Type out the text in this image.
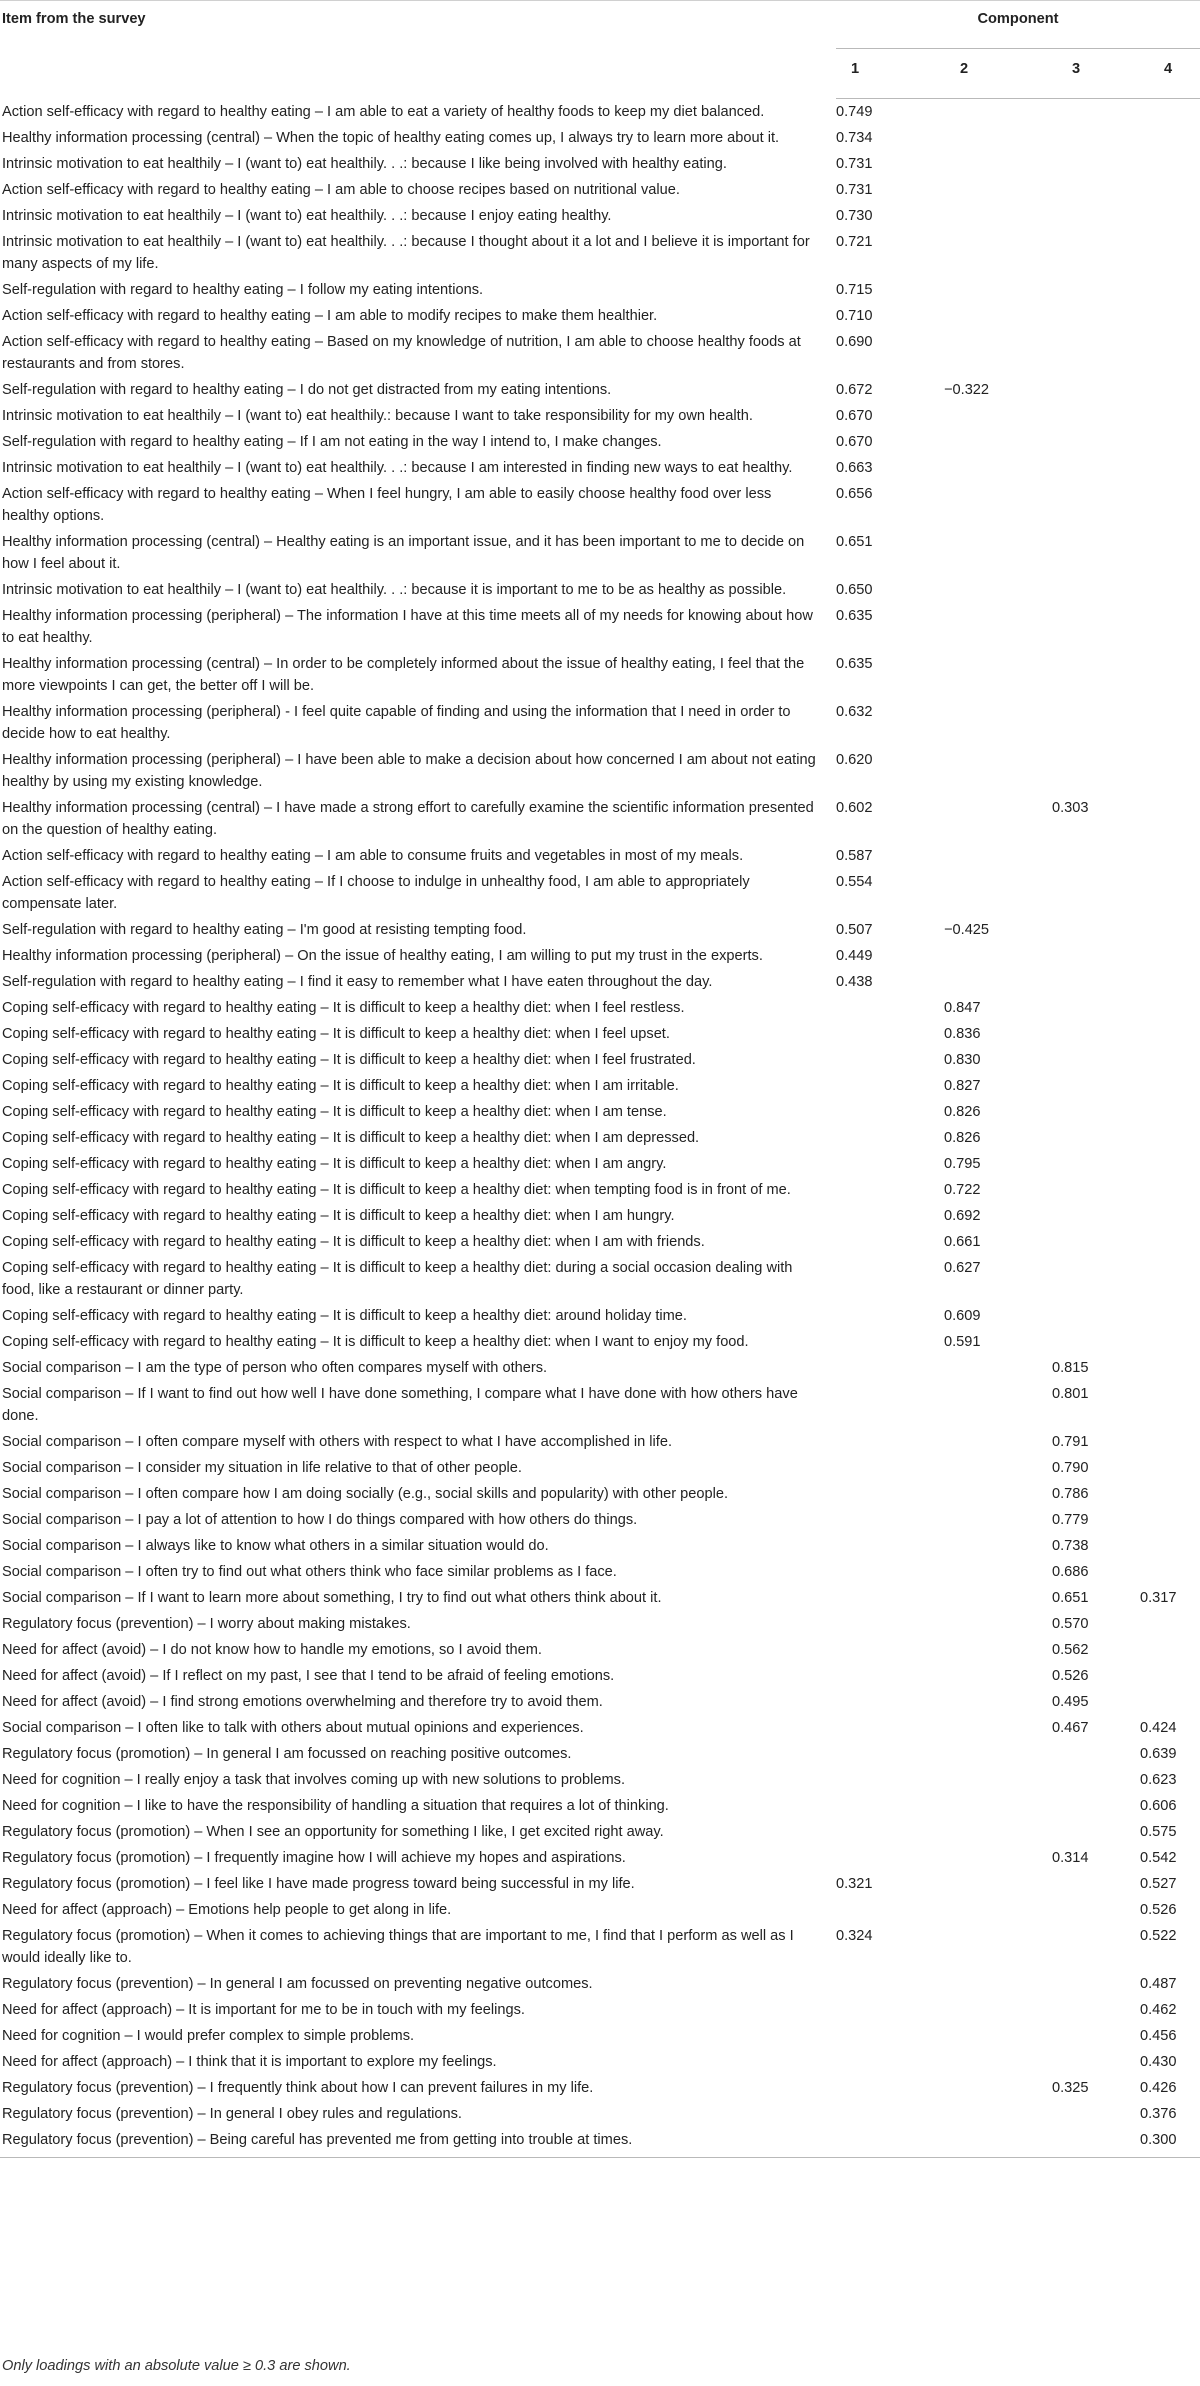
Item from the survey	Component			
	1	2	3	4
Action self-efficacy with regard to healthy eating – I am able to eat a variety of healthy foods to keep my diet balanced.	0.749			
Healthy information processing (central) – When the topic of healthy eating comes up, I always try to learn more about it.	0.734			
Intrinsic motivation to eat healthily – I (want to) eat healthily. . .: because I like being involved with healthy eating.	0.731			
Action self-efficacy with regard to healthy eating – I am able to choose recipes based on nutritional value.	0.731			
Intrinsic motivation to eat healthily – I (want to) eat healthily. . .: because I enjoy eating healthy.	0.730			
Intrinsic motivation to eat healthily – I (want to) eat healthily. . .: because I thought about it a lot and I believe it is important for many aspects of my life.	0.721			
Self-regulation with regard to healthy eating – I follow my eating intentions.	0.715			
Action self-efficacy with regard to healthy eating – I am able to modify recipes to make them healthier.	0.710			
Action self-efficacy with regard to healthy eating – Based on my knowledge of nutrition, I am able to choose healthy foods at restaurants and from stores.	0.690			
Self-regulation with regard to healthy eating – I do not get distracted from my eating intentions.	0.672	−0.322		
Intrinsic motivation to eat healthily – I (want to) eat healthily.: because I want to take responsibility for my own health.	0.670			
Self-regulation with regard to healthy eating – If I am not eating in the way I intend to, I make changes.	0.670			
Intrinsic motivation to eat healthily – I (want to) eat healthily. . .: because I am interested in finding new ways to eat healthy.	0.663			
Action self-efficacy with regard to healthy eating – When I feel hungry, I am able to easily choose healthy food over less healthy options.	0.656			
Healthy information processing (central) – Healthy eating is an important issue, and it has been important to me to decide on how I feel about it.	0.651			
Intrinsic motivation to eat healthily – I (want to) eat healthily. . .: because it is important to me to be as healthy as possible.	0.650			
Healthy information processing (peripheral) – The information I have at this time meets all of my needs for knowing about how to eat healthy.	0.635			
Healthy information processing (central) – In order to be completely informed about the issue of healthy eating, I feel that the more viewpoints I can get, the better off I will be.	0.635			
Healthy information processing (peripheral) - I feel quite capable of finding and using the information that I need in order to decide how to eat healthy.	0.632			
Healthy information processing (peripheral) – I have been able to make a decision about how concerned I am about not eating healthy by using my existing knowledge.	0.620			
Healthy information processing (central) – I have made a strong effort to carefully examine the scientific information presented on the question of healthy eating.	0.602		0.303	
Action self-efficacy with regard to healthy eating – I am able to consume fruits and vegetables in most of my meals.	0.587			
Action self-efficacy with regard to healthy eating – If I choose to indulge in unhealthy food, I am able to appropriately compensate later.	0.554			
Self-regulation with regard to healthy eating – I'm good at resisting tempting food.	0.507	−0.425		
Healthy information processing (peripheral) – On the issue of healthy eating, I am willing to put my trust in the experts.	0.449			
Self-regulation with regard to healthy eating – I find it easy to remember what I have eaten throughout the day.	0.438			
Coping self-efficacy with regard to healthy eating – It is difficult to keep a healthy diet: when I feel restless.		0.847		
Coping self-efficacy with regard to healthy eating – It is difficult to keep a healthy diet: when I feel upset.		0.836		
Coping self-efficacy with regard to healthy eating – It is difficult to keep a healthy diet: when I feel frustrated.		0.830		
Coping self-efficacy with regard to healthy eating – It is difficult to keep a healthy diet: when I am irritable.		0.827		
Coping self-efficacy with regard to healthy eating – It is difficult to keep a healthy diet: when I am tense.		0.826		
Coping self-efficacy with regard to healthy eating – It is difficult to keep a healthy diet: when I am depressed.		0.826		
Coping self-efficacy with regard to healthy eating – It is difficult to keep a healthy diet: when I am angry.		0.795		
Coping self-efficacy with regard to healthy eating – It is difficult to keep a healthy diet: when tempting food is in front of me.		0.722		
Coping self-efficacy with regard to healthy eating – It is difficult to keep a healthy diet: when I am hungry.		0.692		
Coping self-efficacy with regard to healthy eating – It is difficult to keep a healthy diet: when I am with friends.		0.661		
Coping self-efficacy with regard to healthy eating – It is difficult to keep a healthy diet: during a social occasion dealing with food, like a restaurant or dinner party.		0.627		
Coping self-efficacy with regard to healthy eating – It is difficult to keep a healthy diet: around holiday time.		0.609		
Coping self-efficacy with regard to healthy eating – It is difficult to keep a healthy diet: when I want to enjoy my food.		0.591		
Social comparison – I am the type of person who often compares myself with others.			0.815	
Social comparison – If I want to find out how well I have done something, I compare what I have done with how others have done.			0.801	
Social comparison – I often compare myself with others with respect to what I have accomplished in life.			0.791	
Social comparison – I consider my situation in life relative to that of other people.			0.790	
Social comparison – I often compare how I am doing socially (e.g., social skills and popularity) with other people.			0.786	
Social comparison – I pay a lot of attention to how I do things compared with how others do things.			0.779	
Social comparison – I always like to know what others in a similar situation would do.			0.738	
Social comparison – I often try to find out what others think who face similar problems as I face.			0.686	
Social comparison – If I want to learn more about something, I try to find out what others think about it.			0.651	0.317
Regulatory focus (prevention) – I worry about making mistakes.			0.570	
Need for affect (avoid) – I do not know how to handle my emotions, so I avoid them.			0.562	
Need for affect (avoid) – If I reflect on my past, I see that I tend to be afraid of feeling emotions.			0.526	
Need for affect (avoid) – I find strong emotions overwhelming and therefore try to avoid them.			0.495	
Social comparison – I often like to talk with others about mutual opinions and experiences.			0.467	0.424
Regulatory focus (promotion) – In general I am focussed on reaching positive outcomes.				0.639
Need for cognition – I really enjoy a task that involves coming up with new solutions to problems.				0.623
Need for cognition – I like to have the responsibility of handling a situation that requires a lot of thinking.				0.606
Regulatory focus (promotion) – When I see an opportunity for something I like, I get excited right away.				0.575
Regulatory focus (promotion) – I frequently imagine how I will achieve my hopes and aspirations.			0.314	0.542
Regulatory focus (promotion) – I feel like I have made progress toward being successful in my life.	0.321			0.527
Need for affect (approach) – Emotions help people to get along in life.				0.526
Regulatory focus (promotion) – When it comes to achieving things that are important to me, I find that I perform as well as I would ideally like to.	0.324			0.522
Regulatory focus (prevention) – In general I am focussed on preventing negative outcomes.				0.487
Need for affect (approach) – It is important for me to be in touch with my feelings.				0.462
Need for cognition – I would prefer complex to simple problems.				0.456
Need for affect (approach) – I think that it is important to explore my feelings.				0.430
Regulatory focus (prevention) – I frequently think about how I can prevent failures in my life.			0.325	0.426
Regulatory focus (prevention) – In general I obey rules and regulations.				0.376
Regulatory focus (prevention) – Being careful has prevented me from getting into trouble at times.				0.300
Only loadings with an absolute value ≥ 0.3 are shown.
